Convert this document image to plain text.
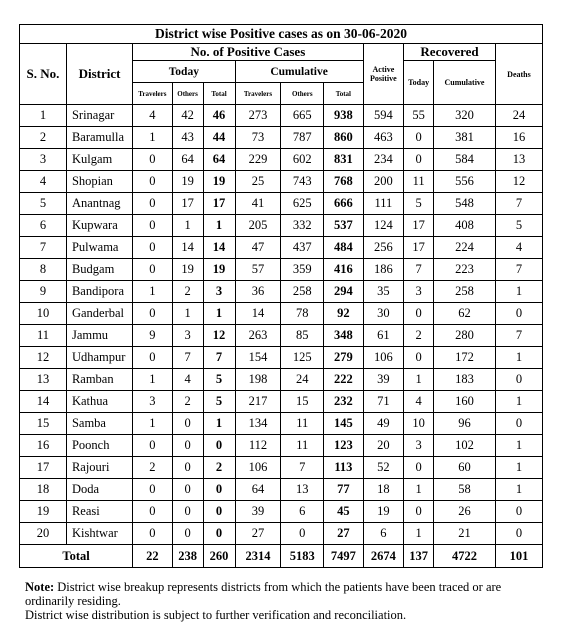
District wise Positive cases as on 30-06-2020											
S. No.	District	No. of Positive Cases						Active Positive	Recovered		Deaths
		Today			Cumulative				Today	Cumulative	
		Travelers	Others	Total	Travelers	Others	Total				
1	Srinagar	4	42	46	273	665	938	594	55	320	24
2	Baramulla	1	43	44	73	787	860	463	0	381	16
3	Kulgam	0	64	64	229	602	831	234	0	584	13
4	Shopian	0	19	19	25	743	768	200	11	556	12
5	Anantnag	0	17	17	41	625	666	111	5	548	7
6	Kupwara	0	1	1	205	332	537	124	17	408	5
7	Pulwama	0	14	14	47	437	484	256	17	224	4
8	Budgam	0	19	19	57	359	416	186	7	223	7
9	Bandipora	1	2	3	36	258	294	35	3	258	1
10	Ganderbal	0	1	1	14	78	92	30	0	62	0
11	Jammu	9	3	12	263	85	348	61	2	280	7
12	Udhampur	0	7	7	154	125	279	106	0	172	1
13	Ramban	1	4	5	198	24	222	39	1	183	0
14	Kathua	3	2	5	217	15	232	71	4	160	1
15	Samba	1	0	1	134	11	145	49	10	96	0
16	Poonch	0	0	0	112	11	123	20	3	102	1
17	Rajouri	2	0	2	106	7	113	52	0	60	1
18	Doda	0	0	0	64	13	77	18	1	58	1
19	Reasi	0	0	0	39	6	45	19	0	26	0
20	Kishtwar	0	0	0	27	0	27	6	1	21	0
Total		22	238	260	2314	5183	7497	2674	137	4722	101
Note: District wise breakup represents districts from which the patients have been traced or are ordinarily residing.
District wise distribution is subject to further verification and reconciliation.
